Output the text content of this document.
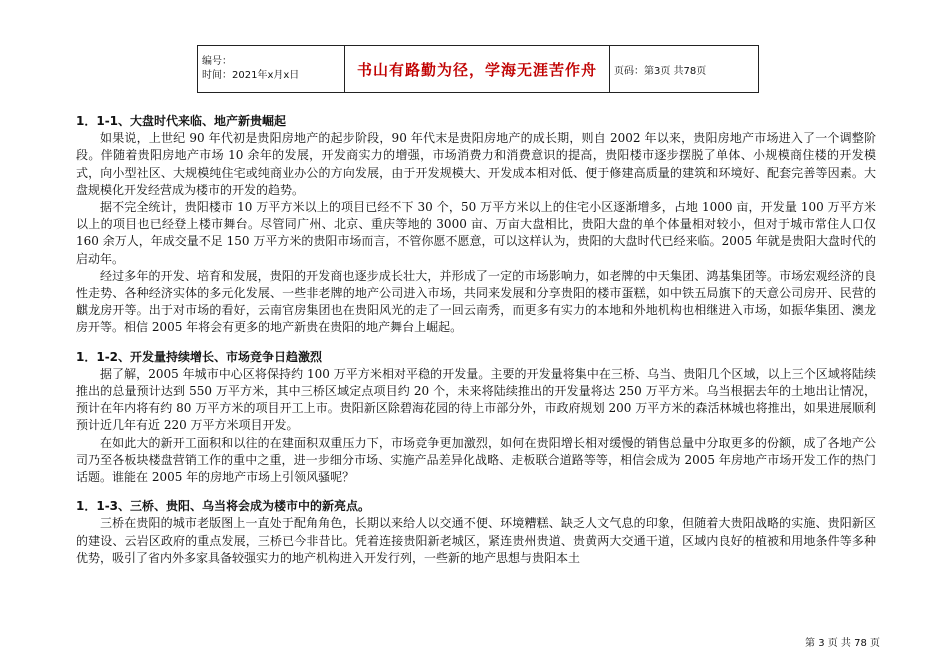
编号：
时间：2021年x月x日	书山有路勤为径，学海无涯苦作舟	页码：第3页 共78页

1．1-1、大盘时代来临、地产新贵崛起

如果说，上世纪 90 年代初是贵阳房地产的起步阶段，90 年代末是贵阳房地产的成长期，则自 2002 年以来，贵阳房地产市场进入了一个调整阶段。伴随着贵阳房地产市场 10 余年的发展，开发商实力的增强，市场消费力和消费意识的提高，贵阳楼市逐步摆脱了单体、小规模商住楼的开发模式，向小型社区、大规模纯住宅或纯商业办公的方向发展，由于开发规模大、开发成本相对低、便于修建高质量的建筑和环境好、配套完善等因素。大盘规模化开发经营成为楼市的开发的趋势。

据不完全统计，贵阳楼市 10 万平方米以上的项目已经不下 30 个，50 万平方米以上的住宅小区逐渐增多，占地 1000 亩，开发量 100 万平方米以上的项目也已经登上楼市舞台。尽管同广州、北京、重庆等地的 3000 亩、万亩大盘相比，贵阳大盘的单个体量相对较小，但对于城市常住人口仅 160 余万人，年成交量不足 150 万平方米的贵阳市场而言，不管你愿不愿意，可以这样认为，贵阳的大盘时代已经来临。2005 年就是贵阳大盘时代的启动年。

经过多年的开发、培育和发展，贵阳的开发商也逐步成长壮大，并形成了一定的市场影响力，如老牌的中天集团、鸿基集团等。市场宏观经济的良性走势、各种经济实体的多元化发展、一些非老牌的地产公司进入市场，共同来发展和分享贵阳的楼市蛋糕，如中铁五局旗下的天意公司房开、民营的麒龙房开等。出于对市场的看好，云南官房集团也在贵阳风光的走了一回云南秀，而更多有实力的本地和外地机构也相继进入市场，如振华集团、澳龙房开等。相信 2005 年将会有更多的地产新贵在贵阳的地产舞台上崛起。

1．1-2、开发量持续增长、市场竞争日趋激烈

据了解，2005 年城市中心区将保持约 100 万平方米相对平稳的开发量。主要的开发量将集中在三桥、乌当、贵阳几个区域，以上三个区域将陆续推出的总量预计达到 550 万平方米，其中三桥区域定点项目约 20 个，未来将陆续推出的开发量将达 250 万平方米。乌当根据去年的土地出让情况，预计在年内将有约 80 万平方米的项目开工上市。贵阳新区除碧海花园的待上市部分外，市政府规划 200 万平方米的森活林城也将推出，如果进展顺利预计近几年有近 220 万平方米项目开发。

在如此大的新开工面积和以往的在建面积双重压力下，市场竞争更加激烈，如何在贵阳增长相对缓慢的销售总量中分取更多的份额，成了各地产公司乃至各板块楼盘营销工作的重中之重，进一步细分市场、实施产品差异化战略、走板联合道路等等，相信会成为 2005 年房地产市场开发工作的热门话题。谁能在 2005 年的房地产市场上引领风骚呢？

1．1-3、三桥、贵阳、乌当将会成为楼市中的新亮点。

三桥在贵阳的城市老版图上一直处于配角角色，长期以来给人以交通不便、环境糟糕、缺乏人文气息的印象，但随着大贵阳战略的实施、贵阳新区的建设、云岩区政府的重点发展，三桥已今非昔比。凭着连接贵阳新老城区，紧连贵州贵道、贵黄两大交通干道，区域内良好的植被和用地条件等多种优势，吸引了省内外多家具备较强实力的地产机构进入开发行列，一些新的地产思想与贵阳本土

第 3 页 共 78 页
